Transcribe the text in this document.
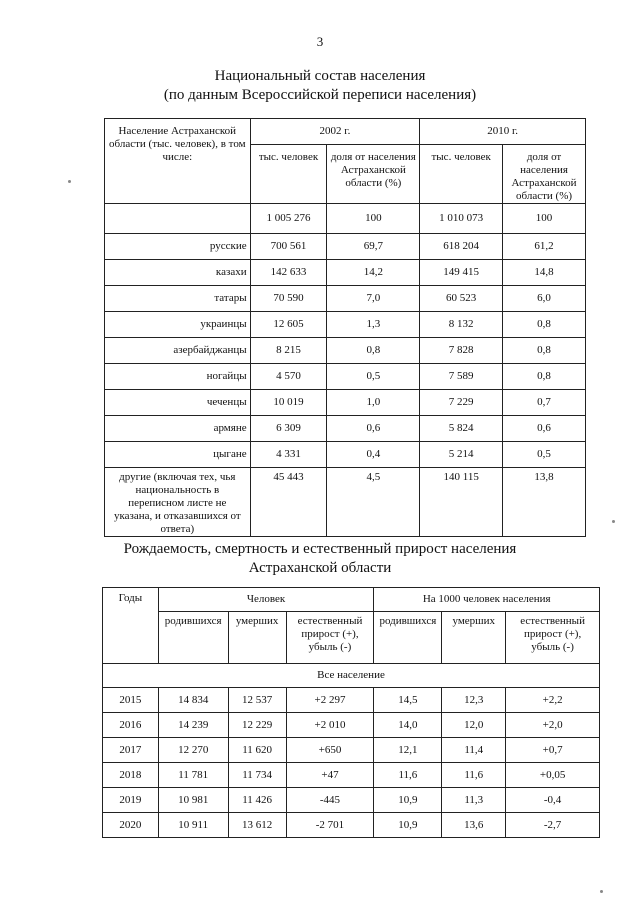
3
Национальный состав населения
(по данным Всероссийской переписи населения)
Население Астраханской области (тыс. человек), в том числе:	2002 г.		2010 г.	
	тыс. человек	доля от населения Астраханской области (%)	тыс. человек	доля от населения Астраханской области (%)
	1 005 276	100	1 010 073	100
русские	700 561	69,7	618 204	61,2
казахи	142 633	14,2	149 415	14,8
татары	70 590	7,0	60 523	6,0
украинцы	12 605	1,3	8 132	0,8
азербайджанцы	8 215	0,8	7 828	0,8
ногайцы	4 570	0,5	7 589	0,8
чеченцы	10 019	1,0	7 229	0,7
армяне	6 309	0,6	5 824	0,6
цыгане	4 331	0,4	5 214	0,5
другие (включая тех, чья национальность в переписном листе не указана, и отказавшихся от ответа)	45 443	4,5	140 115	13,8
Рождаемость, смертность и естественный прирост населения
Астраханской области
Годы	Человек			На 1000 человек населения		
	родившихся	умерших	естественный прирост (+), убыль (-)	родившихся	умерших	естественный прирост (+), убыль (-)
Все население						
2015	14 834	12 537	+2 297	14,5	12,3	+2,2
2016	14 239	12 229	+2 010	14,0	12,0	+2,0
2017	12 270	11 620	+650	12,1	11,4	+0,7
2018	11 781	11 734	+47	11,6	11,6	+0,05
2019	10 981	11 426	-445	10,9	11,3	-0,4
2020	10 911	13 612	-2 701	10,9	13,6	-2,7
